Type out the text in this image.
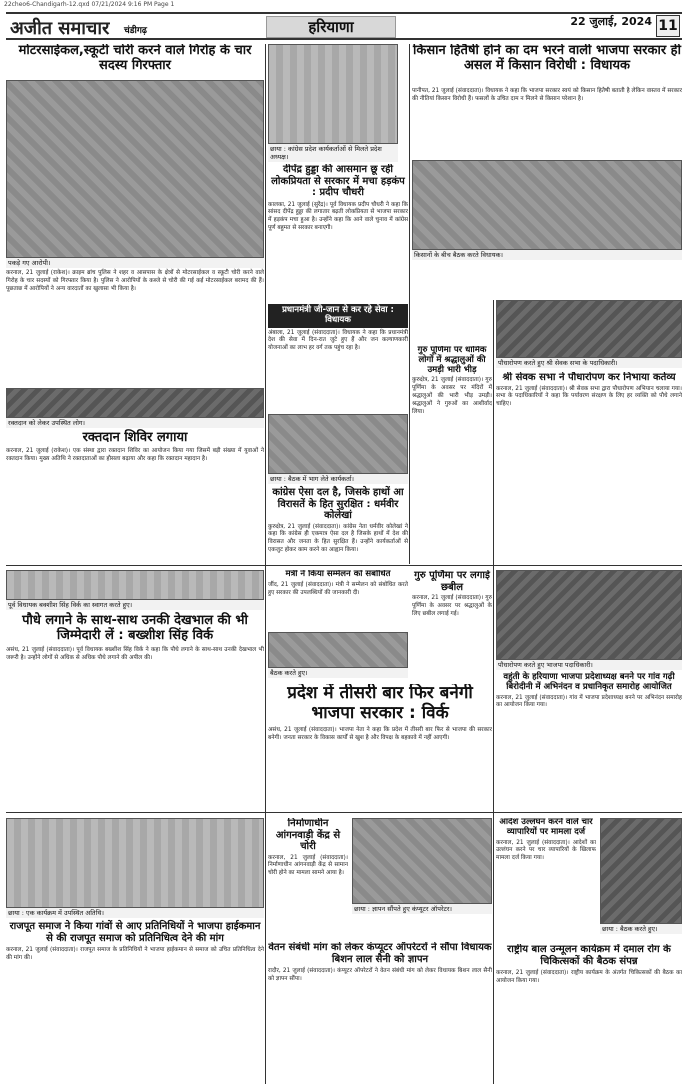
22cheo6-Chandigarh-12.qxd 07/21/2024 9:16 PM Page 1
अजीत समाचार चंडीगढ़	हरियाणा	22 जुलाई, 2024 11
मोटरसाईकल,स्कूटी चोरी करने वाले गिरोह के चार सदस्य गिरफ्तार
पकड़े गए आरोपी।
करनाल, 21 जुलाई (राकेश)। क्राइम ब्रांच पुलिस ने शहर व आसपास के क्षेत्रों से मोटरसाईकल व स्कूटी चोरी करने वाले गिरोह के चार सदस्यों को गिरफ्तार किया है। पुलिस ने आरोपियों के कब्जे से चोरी की गई कई मोटरसाईकल बरामद की हैं। पूछताछ में आरोपियों ने अन्य वारदातों का खुलासा भी किया है।
रक्तदान को लेकर उपस्थित लोग।
रक्तदान शिविर लगाया
करनाल, 21 जुलाई (राकेश)। एक संस्था द्वारा रक्तदान शिविर का आयोजन किया गया जिसमें बड़ी संख्या में युवाओं ने रक्तदान किया। मुख्य अतिथि ने रक्तदाताओं का हौसला बढ़ाया और कहा कि रक्तदान महादान है।
छाया : कांग्रेस प्रदेश कार्यकर्ताओं से मिलते प्रदेश अध्यक्ष।
दीपेंद्र हुड्डा की आसमान छू रही लोकप्रियता से सरकार में मचा हड़कंप : प्रदीप चौधरी
कालका, 21 जुलाई (सुरेंद्र)। पूर्व विधायक प्रदीप चौधरी ने कहा कि सांसद दीपेंद्र हुड्डा की लगातार बढ़ती लोकप्रियता से भाजपा सरकार में हड़कंप मचा हुआ है। उन्होंने कहा कि आने वाले चुनाव में कांग्रेस पूर्ण बहुमत से सरकार बनाएगी।
प्रधानमंत्री जी-जान से कर रहे सेवा : विधायक
अंबाला, 21 जुलाई (संवाददाता)। विधायक ने कहा कि प्रधानमंत्री देश की सेवा में दिन-रात जुटे हुए हैं और जन कल्याणकारी योजनाओं का लाभ हर वर्ग तक पहुंच रहा है।
छाया : बैठक में भाग लेते कार्यकर्ता।
कांग्रेस ऐसा दल है, जिसके हाथों आ विरासतें के हित सुरक्षित : धर्मवीर कोलेखां
कुरुक्षेत्र, 21 जुलाई (संवाददाता)। कांग्रेस नेता धर्मवीर कोलेखां ने कहा कि कांग्रेस ही एकमात्र ऐसा दल है जिसके हाथों में देश की विरासत और जनता के हित सुरक्षित हैं। उन्होंने कार्यकर्ताओं से एकजुट होकर काम करने का आह्वान किया।
किसान हितैषी होने का दम भरने वाली भाजपा सरकार ही असल में किसान विरोधी : विधायक
पानीपत, 21 जुलाई (संवाददाता)। विधायक ने कहा कि भाजपा सरकार स्वयं को किसान हितैषी बताती है लेकिन वास्तव में सरकार की नीतियां किसान विरोधी हैं। फसलों के उचित दाम न मिलने से किसान परेशान है।
किसानों के बीच बैठक करते विधायक।
गुरु पूर्णिमा पर धार्मिक लोगों में श्रद्धालुओं की उमड़ी भारी भीड़
कुरुक्षेत्र, 21 जुलाई (संवाददाता)। गुरु पूर्णिमा के अवसर पर मंदिरों में श्रद्धालुओं की भारी भीड़ उमड़ी। श्रद्धालुओं ने गुरुओं का आशीर्वाद लिया।
पौधारोपण करते हुए श्री सेवक सभा के पदाधिकारी।
श्री सेवक सभा ने पौधारोपण कर निभाया कर्तव्य
करनाल, 21 जुलाई (संवाददाता)। श्री सेवक सभा द्वारा पौधारोपण अभियान चलाया गया। सभा के पदाधिकारियों ने कहा कि पर्यावरण संरक्षण के लिए हर व्यक्ति को पौधे लगाने चाहिए।
पूर्व विधायक बक्शीश सिंह विर्क का स्वागत करते हुए।
पौधे लगाने के साथ-साथ उनकी देखभाल की भी जिम्मेदारी लें : बख्शीश सिंह विर्क
असंध, 21 जुलाई (संवाददाता)। पूर्व विधायक बख्शीश सिंह विर्क ने कहा कि पौधे लगाने के साथ-साथ उनकी देखभाल भी जरूरी है। उन्होंने लोगों से अधिक से अधिक पौधे लगाने की अपील की।
मंत्री ने किया सम्मेलन को संबोधित
जींद, 21 जुलाई (संवाददाता)। मंत्री ने सम्मेलन को संबोधित करते हुए सरकार की उपलब्धियों की जानकारी दी।
बैठक करते हुए।
गुरु पूर्णिमा पर लगाई छबील
करनाल, 21 जुलाई (संवाददाता)। गुरु पूर्णिमा के अवसर पर श्रद्धालुओं के लिए छबील लगाई गई।
पौधारोपण करते हुए भाजपा पदाधिकारी।
वहुंती के हरियाणा भाजपा प्रदेशाध्यक्ष बनने पर गांव गढ़ी बिरोदीनी में अभिनंदन व प्रधानिकृत समारोह आयोजित
करनाल, 21 जुलाई (संवाददाता)। गांव में भाजपा प्रदेशाध्यक्ष बनने पर अभिनंदन समारोह का आयोजन किया गया।
प्रदेश में तीसरी बार फिर बनेगी भाजपा सरकार : विर्क
असंध, 21 जुलाई (संवाददाता)। भाजपा नेता ने कहा कि प्रदेश में तीसरी बार फिर से भाजपा की सरकार बनेगी। जनता सरकार के विकास कार्यों से खुश है और विपक्ष के बहकावे में नहीं आएगी।
छाया : एक कार्यक्रम में उपस्थित अतिथि।
राजपूत समाज ने किया गांवों से आए प्रतिनिधियों ने भाजपा हाईकमान से की राजपूत समाज को प्रतिनिधित्व देने की मांग
करनाल, 21 जुलाई (संवाददाता)। राजपूत समाज के प्रतिनिधियों ने भाजपा हाईकमान से समाज को उचित प्रतिनिधित्व देने की मांग की।
निर्माणाधीन आंगनवाड़ी केंद्र से चोरी
करनाल, 21 जुलाई (संवाददाता)। निर्माणाधीन आंगनवाड़ी केंद्र से सामान चोरी होने का मामला सामने आया है।
छाया : ज्ञापन सौंपते हुए कंप्यूटर ऑपरेटर।
वेतन संबंधी मांग को लेकर कंप्यूटर ऑपरेटरों ने सौंपा विधायक बिशन लाल सैनी को ज्ञापन
रादौर, 21 जुलाई (संवाददाता)। कंप्यूटर ऑपरेटरों ने वेतन संबंधी मांग को लेकर विधायक बिशन लाल सैनी को ज्ञापन सौंपा।
आदेश उल्लंघन करने वाले चार व्यापारियों पर मामला दर्ज
करनाल, 21 जुलाई (संवाददाता)। आदेशों का उल्लंघन करने पर चार व्यापारियों के खिलाफ मामला दर्ज किया गया।
छाया : बैठक करते हुए।
राष्ट्रीय बाल उन्मूलन कार्यक्रम में दमाल रोग के चिकित्सकों की बैठक संपन्न
करनाल, 21 जुलाई (संवाददाता)। राष्ट्रीय कार्यक्रम के अंतर्गत चिकित्सकों की बैठक का आयोजन किया गया।
